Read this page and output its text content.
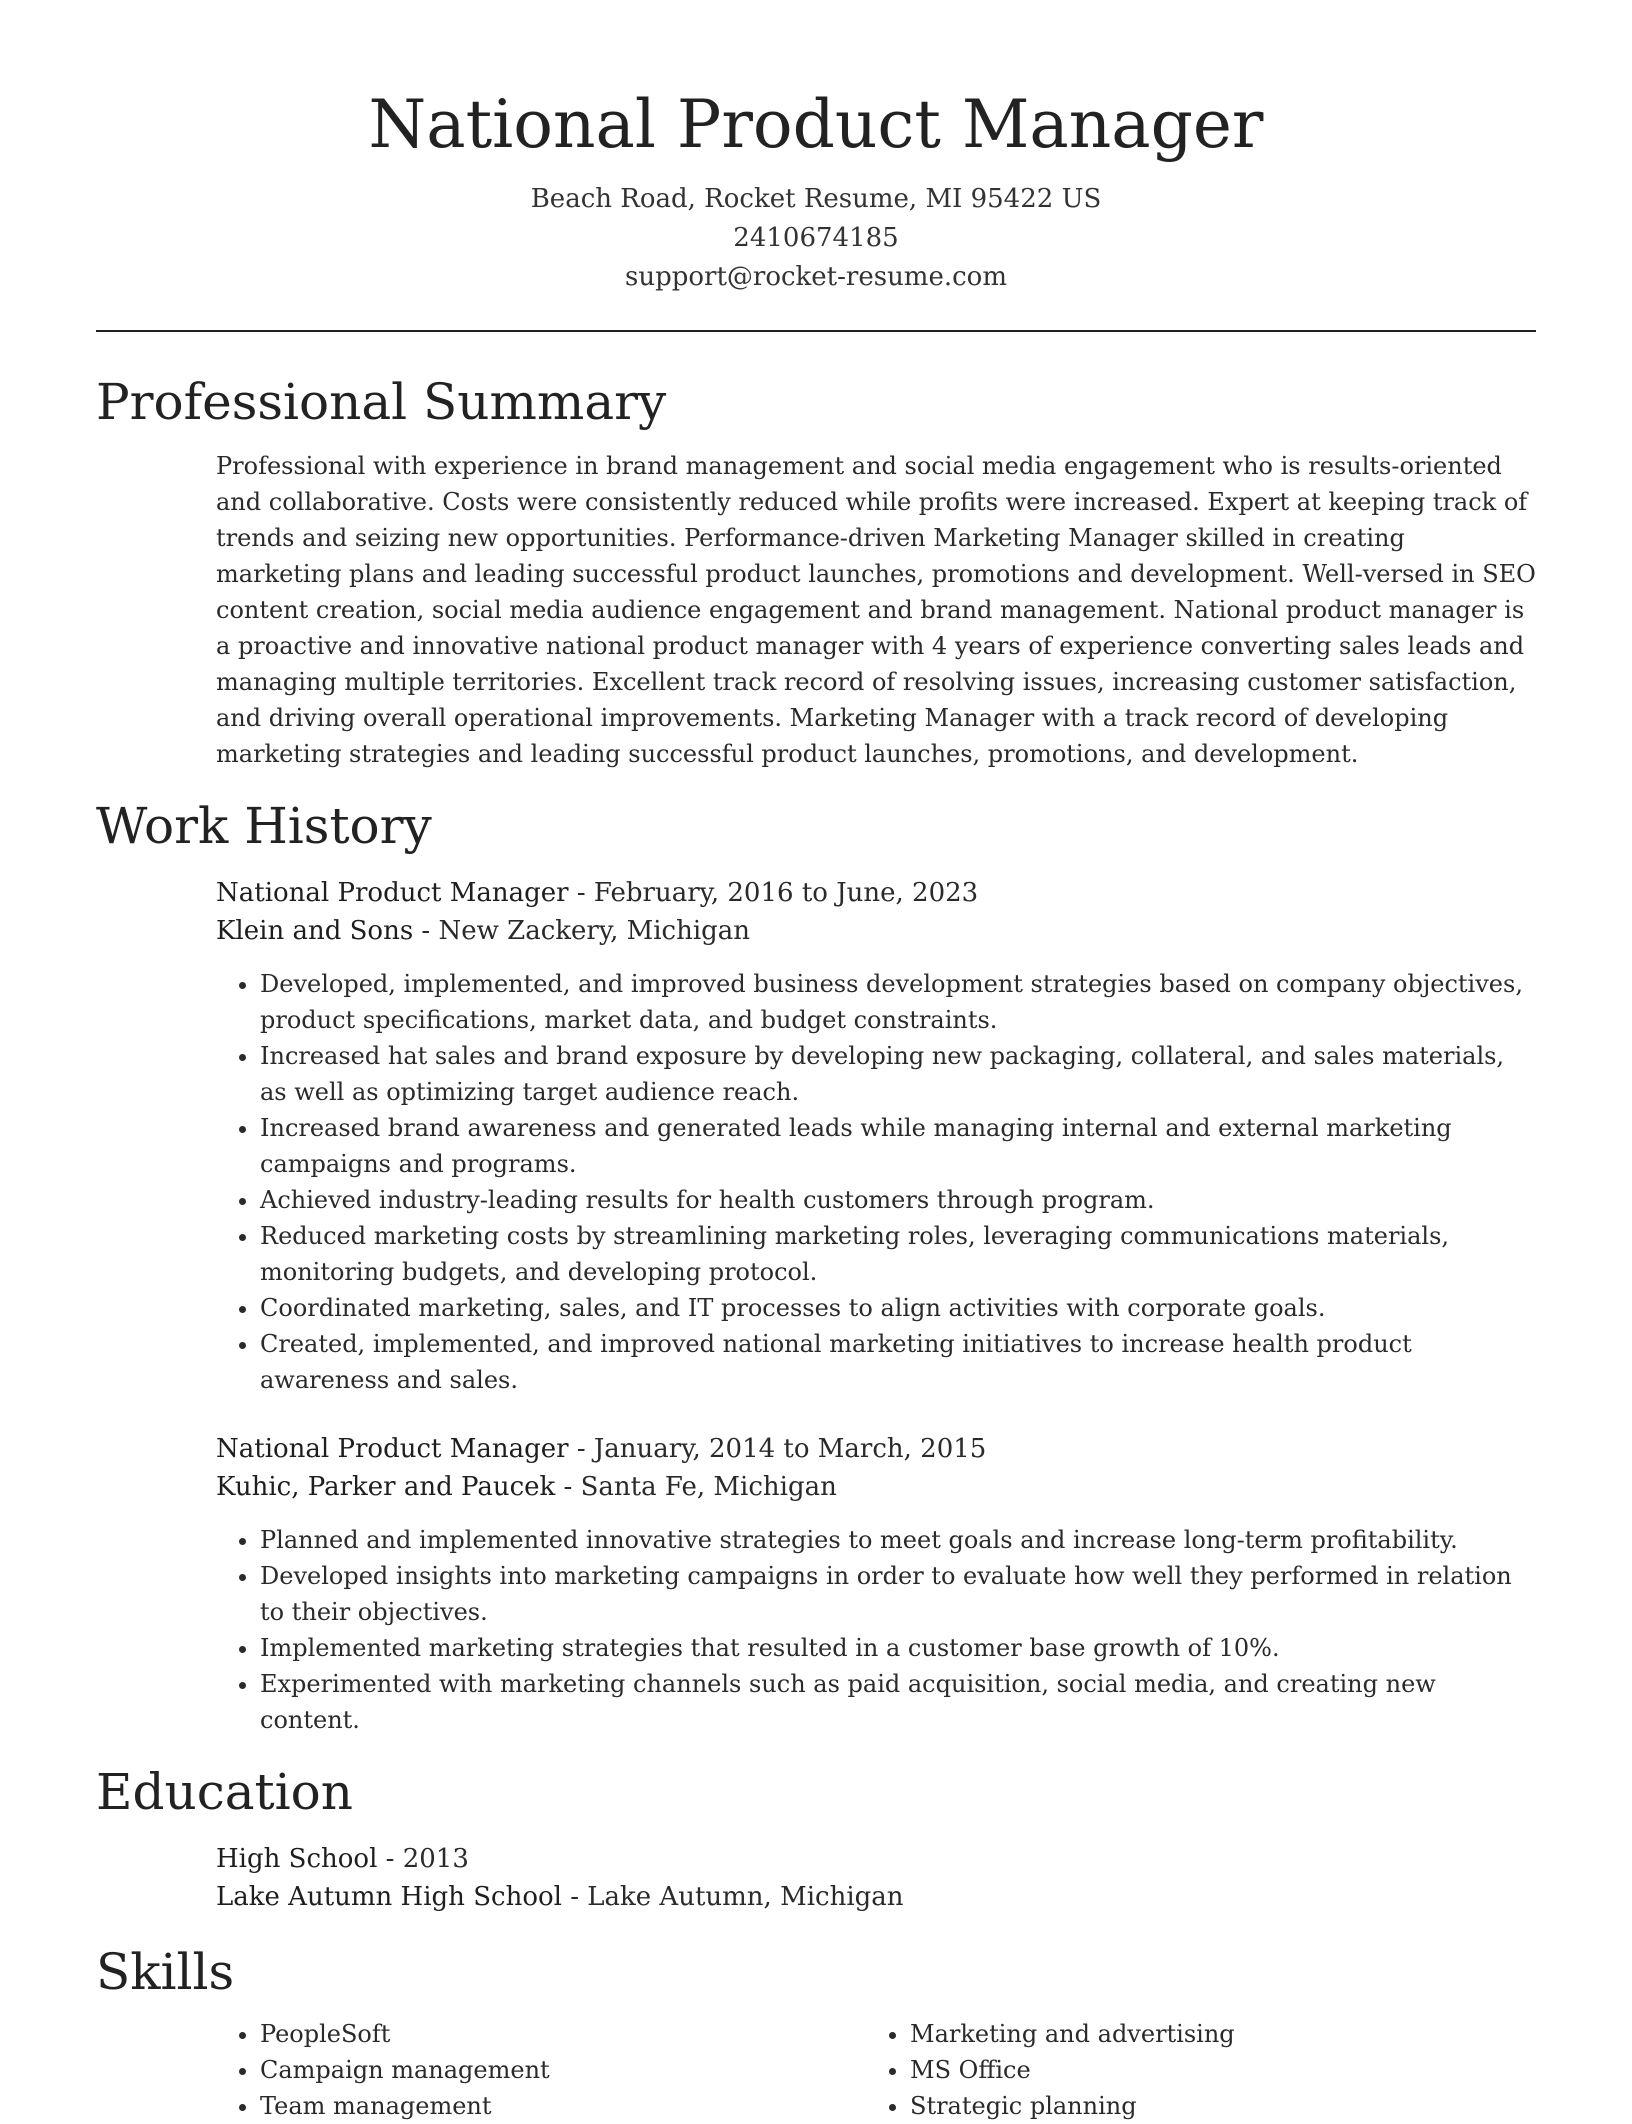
National Product Manager
Beach Road, Rocket Resume, MI 95422 US
2410674185
support@rocket-resume.com
Professional Summary

Professional with experience in brand management and social media engagement who is results-oriented and collaborative. Costs were consistently reduced while profits were increased. Expert at keeping track of trends and seizing new opportunities. Performance-driven Marketing Manager skilled in creating marketing plans and leading successful product launches, promotions and development. Well-versed in SEO content creation, social media audience engagement and brand management. National product manager is a proactive and innovative national product manager with 4 years of experience converting sales leads and managing multiple territories. Excellent track record of resolving issues, increasing customer satisfaction, and driving overall operational improvements. Marketing Manager with a track record of developing marketing strategies and leading successful product launches, promotions, and development.

Work History
National Product Manager - February, 2016 to June, 2023
Klein and Sons - New Zackery, Michigan
• Developed, implemented, and improved business development strategies based on company objectives, product specifications, market data, and budget constraints.
• Increased hat sales and brand exposure by developing new packaging, collateral, and sales materials, as well as optimizing target audience reach.
• Increased brand awareness and generated leads while managing internal and external marketing campaigns and programs.
• Achieved industry-leading results for health customers through program.
• Reduced marketing costs by streamlining marketing roles, leveraging communications materials, monitoring budgets, and developing protocol.
• Coordinated marketing, sales, and IT processes to align activities with corporate goals.
• Created, implemented, and improved national marketing initiatives to increase health product awareness and sales.
National Product Manager - January, 2014 to March, 2015
Kuhic, Parker and Paucek - Santa Fe, Michigan
• Planned and implemented innovative strategies to meet goals and increase long-term profitability.
• Developed insights into marketing campaigns in order to evaluate how well they performed in relation to their objectives.
• Implemented marketing strategies that resulted in a customer base growth of 10%.
• Experimented with marketing channels such as paid acquisition, social media, and creating new content.
Education
High School - 2013
Lake Autumn High School - Lake Autumn, Michigan
Skills
• PeopleSoft
• Campaign management
• Team management
• Marketing and advertising
• MS Office
• Strategic planning
